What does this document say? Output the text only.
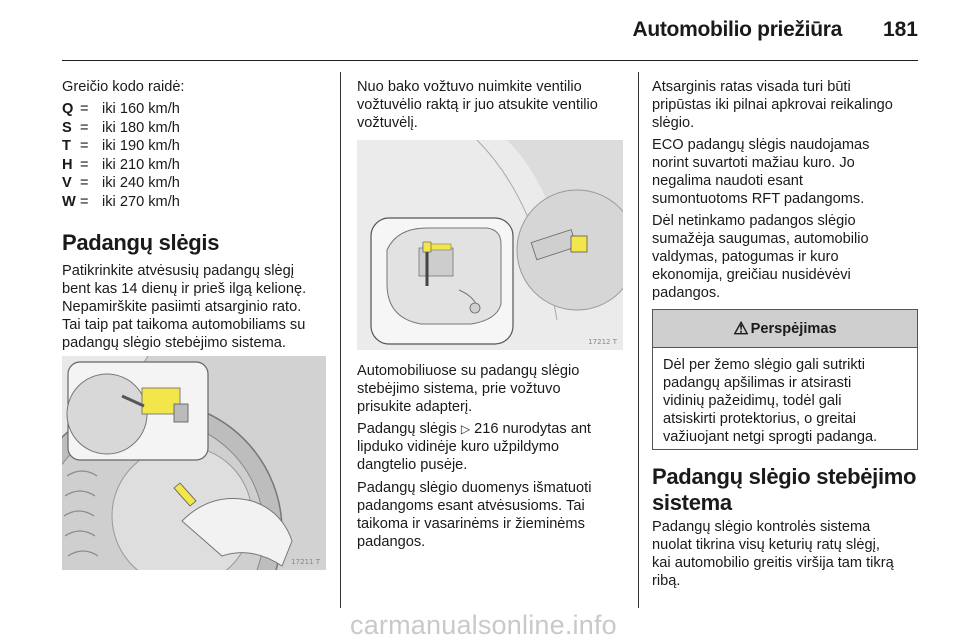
Automobilio priežiūra 181
Greičio kodo raidė:
Q = iki 160 km/h
S = iki 180 km/h
T = iki 190 km/h
H = iki 210 km/h
V = iki 240 km/h
W = iki 270 km/h
Padangų slėgis
Patikrinkite atvėsusių padangų slėgį
bent kas 14 dienų ir prieš ilgą kelionę.
Nepamirškite pasiimti atsarginio rato.
Tai taip pat taikoma automobiliams su
padangų slėgio stebėjimo sistema.
17211 T
Nuo bako vožtuvo nuimkite ventilio
vožtuvėlio raktą ir juo atsukite ventilio
vožtuvėlį.
17212 T
Automobiliuose su padangų slėgio
stebėjimo sistema, prie vožtuvo
prisukite adapterį.
Padangų slėgis ▷ 216 nurodytas ant
lipduko vidinėje kuro užpildymo
dangtelio pusėje.
Padangų slėgio duomenys išmatuoti
padangoms esant atvėsusioms. Tai
taikoma ir vasarinėms ir žieminėms
padangos.
Atsarginis ratas visada turi būti
pripūstas iki pilnai apkrovai reikalingo
slėgio.
ECO padangų slėgis naudojamas
norint suvartoti mažiau kuro. Jo
negalima naudoti esant
sumontuotoms RFT padangoms.
Dėl netinkamo padangos slėgio
sumažėja saugumas, automobilio
valdymas, patogumas ir kuro
ekonomija, greičiau nusidėvėvi
padangos.
⚠ Perspėjimas
Dėl per žemo slėgio gali sutrikti
padangų apšilimas ir atsirasti
vidinių pažeidimų, todėl gali
atsiskirti protektorius, o greitai
važiuojant netgi sprogti padanga.
Padangų slėgio stebėjimo
sistema
Padangų slėgio kontrolės sistema
nuolat tikrina visų keturių ratų slėgį,
kai automobilio greitis viršija tam tikrą
ribą.
carmanualsonline.info
